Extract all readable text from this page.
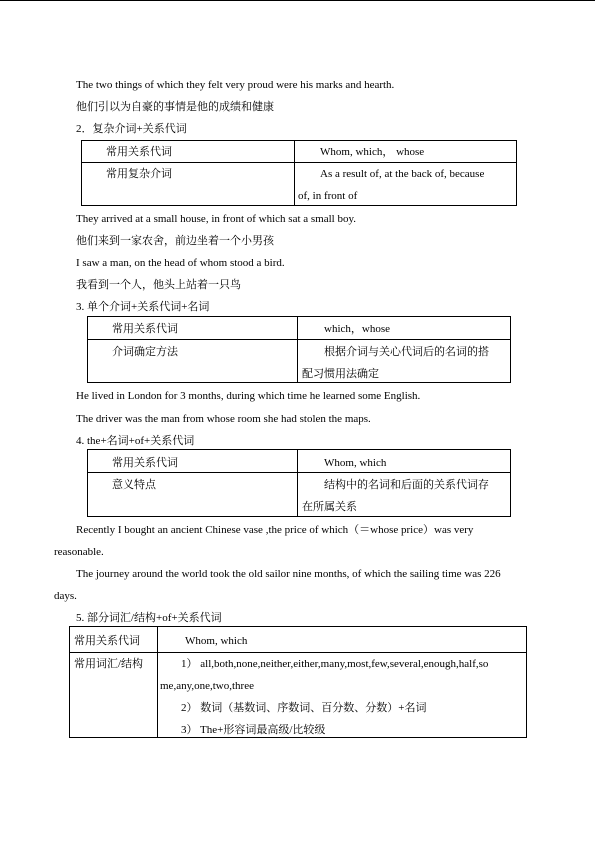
The two things of which they felt very proud were his marks and hearth.
他们引以为自豪的事情是他的成绩和健康
2．复杂介词+关系代词
常用关系代词	Whom, which， whose
常用复杂介词	As a result of, at the back of, because
of, in front of
They arrived at a small house, in front of which sat a small boy.
他们来到一家农舍，前边坐着一个小男孩
I saw a man, on the head of whom stood a bird.
我看到一个人，他头上站着一只鸟
3. 单个介词+关系代词+名词
常用关系代词	which，whose
介词确定方法	根据介词与关心代词后的名词的搭
配习惯用法确定
He lived in London for 3 months, during which time he learned some English.
The driver was the man from whose room she had stolen the maps.
4. the+名词+of+关系代词
常用关系代词	Whom, which
意义特点	结构中的名词和后面的关系代词存
在所属关系
Recently I bought an ancient Chinese vase ,the price of which（＝whose price）was very
reasonable.
The journey around the world took the old sailor nine months, of which the sailing time was 226
days.
5. 部分词汇/结构+of+关系代词
常用关系代词	Whom, which
常用词汇/结构	1） all,both,none,neither,either,many,most,few,several,enough,half,so
me,any,one,two,three
2） 数词（基数词、序数词、百分数、分数）+名词
3） The+形容词最高级/比较级
